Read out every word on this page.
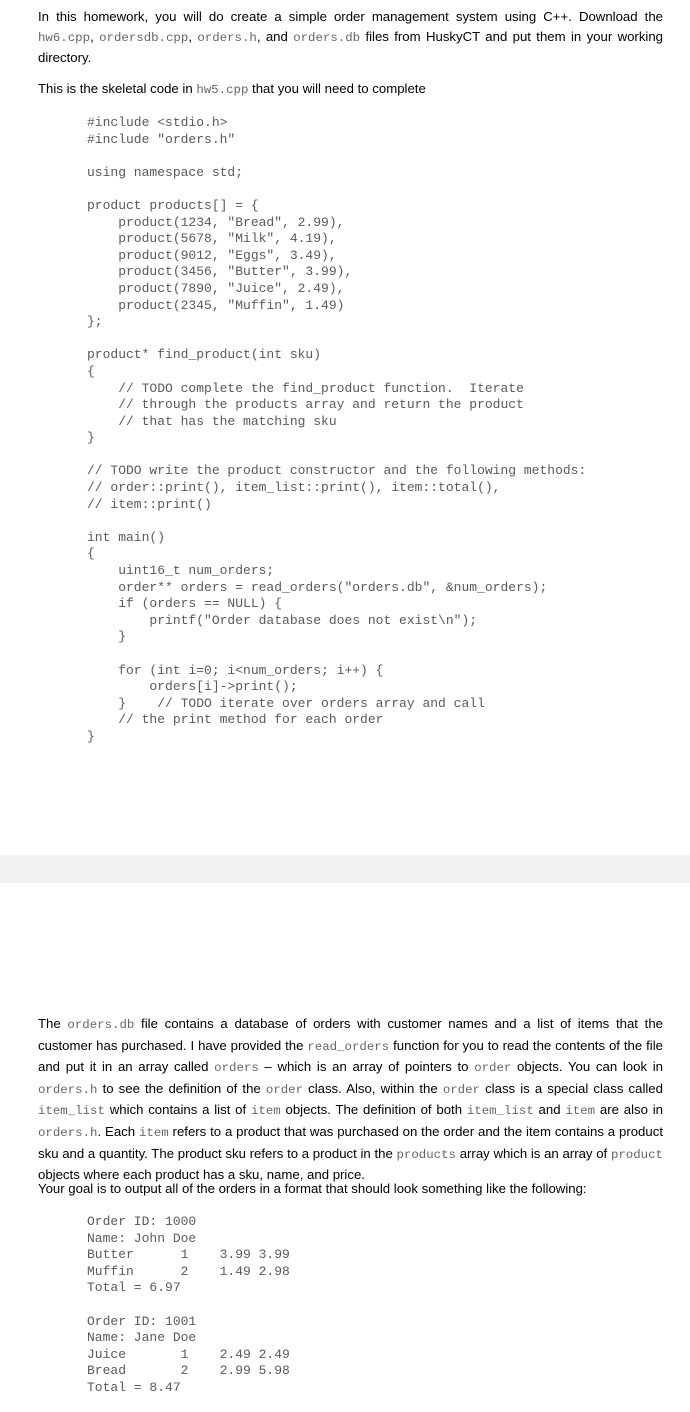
In this homework, you will do create a simple order management system using C++. Download the hw6.cpp, ordersdb.cpp, orders.h, and orders.db files from HuskyCT and put them in your working directory.

This is the skeletal code in hw5.cpp that you will need to complete

#include <stdio.h>
#include "orders.h"

using namespace std;

product products[] = {
product(1234, "Bread", 2.99),
product(5678, "Milk", 4.19),
product(9012, "Eggs", 3.49),
product(3456, "Butter", 3.99),
product(7890, "Juice", 2.49),
product(2345, "Muffin", 1.49)
};

product* find_product(int sku)
{
// TODO complete the find_product function.  Iterate
// through the products array and return the product
// that has the matching sku
}

// TODO write the product constructor and the following methods:
// order::print(), item_list::print(), item::total(),
// item::print()

int main()
{
uint16_t num_orders;
order** orders = read_orders("orders.db", &num_orders);
if (orders == NULL) {
printf("Order database does not exist\n");
}

for (int i=0; i<num_orders; i++) {
orders[i]->print();
}    // TODO iterate over orders array and call
// the print method for each order
}

The orders.db file contains a database of orders with customer names and a list of items that the customer has purchased. I have provided the read_orders function for you to read the contents of the file and put it in an array called orders – which is an array of pointers to order objects. You can look in orders.h to see the definition of the order class. Also, within the order class is a special class called item_list which contains a list of item objects. The definition of both item_list and item are also in orders.h. Each item refers to a product that was purchased on the order and the item contains a product sku and a quantity. The product sku refers to a product in the products array which is an array of product objects where each product has a sku, name, and price.

Your goal is to output all of the orders in a format that should look something like the following:

Order ID: 1000
Name: John Doe
Butter      1    3.99 3.99
Muffin      2    1.49 2.98
Total = 6.97

Order ID: 1001
Name: Jane Doe
Juice       1    2.49 2.49
Bread       2    2.99 5.98
Total = 8.47
